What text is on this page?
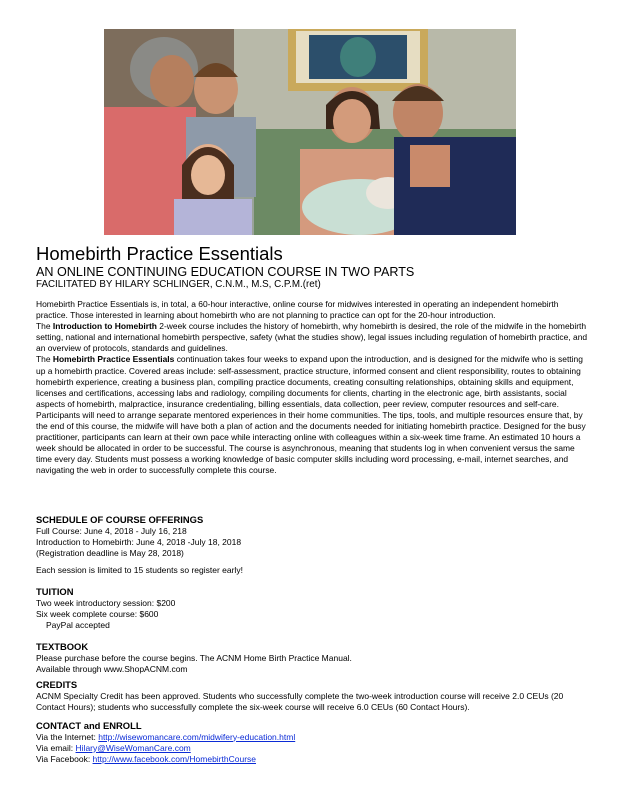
Homebirth Practice Essentials
AN ONLINE CONTINUING EDUCATION COURSE IN TWO PARTS
FACILITATED BY HILARY SCHLINGER, C.N.M., M.S, C.P.M.(ret)

Homebirth Practice Essentials is, in total, a 60-hour interactive, online course for midwives interested in operating an independent homebirth practice. Those interested in learning about homebirth who are not planning to practice can opt for the 20-hour introduction.

The Introduction to Homebirth 2-week course includes the history of homebirth, why homebirth is desired, the role of the midwife in the homebirth setting, national and international homebirth perspective, safety (what the studies show), legal issues including regulation of homebirth practice, and an overview of protocols, standards and guidelines.

The Homebirth Practice Essentials continuation takes four weeks to expand upon the introduction, and is designed for the midwife who is setting up a homebirth practice. Covered areas include: self-assessment, practice structure, informed consent and client responsibility, routes to obtaining homebirth experience, creating a business plan, compiling practice documents, creating consulting relationships, obtaining skills and equipment, licenses and certifications, accessing labs and radiology, compiling documents for clients, charting in the electronic age, birth assistants, social aspects of homebirth, malpractice, insurance credentialing, billing essentials, data collection, peer review, computer resources and self-care. Participants will need to arrange separate mentored experiences in their home communities. The tips, tools, and multiple resources ensure that, by the end of this course, the midwife will have both a plan of action and the documents needed for initiating homebirth practice. Designed for the busy practitioner, participants can learn at their own pace while interacting online with colleagues within a six-week time frame. An estimated 10 hours a week should be allocated in order to be successful. The course is asynchronous, meaning that students log in when convenient versus the same time every day. Students must possess a working knowledge of basic computer skills including word processing, e-mail, internet searches, and navigating the web in order to successfully complete this course.

SCHEDULE OF COURSE OFFERINGS
Full Course: June 4, 2018 - July 16, 218
Introduction to Homebirth: June 4, 2018 -July 18, 2018
(Registration deadline is May 28, 2018)
Each session is limited to 15 students so register early!
TUITION
Two week introductory session: $200
Six week complete course: $600
PayPal accepted
TEXTBOOK
Please purchase before the course begins. The ACNM Home Birth Practice Manual.
Available through www.ShopACNM.com
CREDITS
ACNM Specialty Credit has been approved. Students who successfully complete the two-week introduction course will receive 2.0 CEUs (20 Contact Hours); students who successfully complete the six-week course will receive 6.0 CEUs (60 Contact Hours).
CONTACT and ENROLL
Via the Internet: http://wisewomancare.com/midwifery-education.html
Via email: Hilary@WiseWomanCare.com
Via Facebook: http://www.facebook.com/HomebirthCourse
